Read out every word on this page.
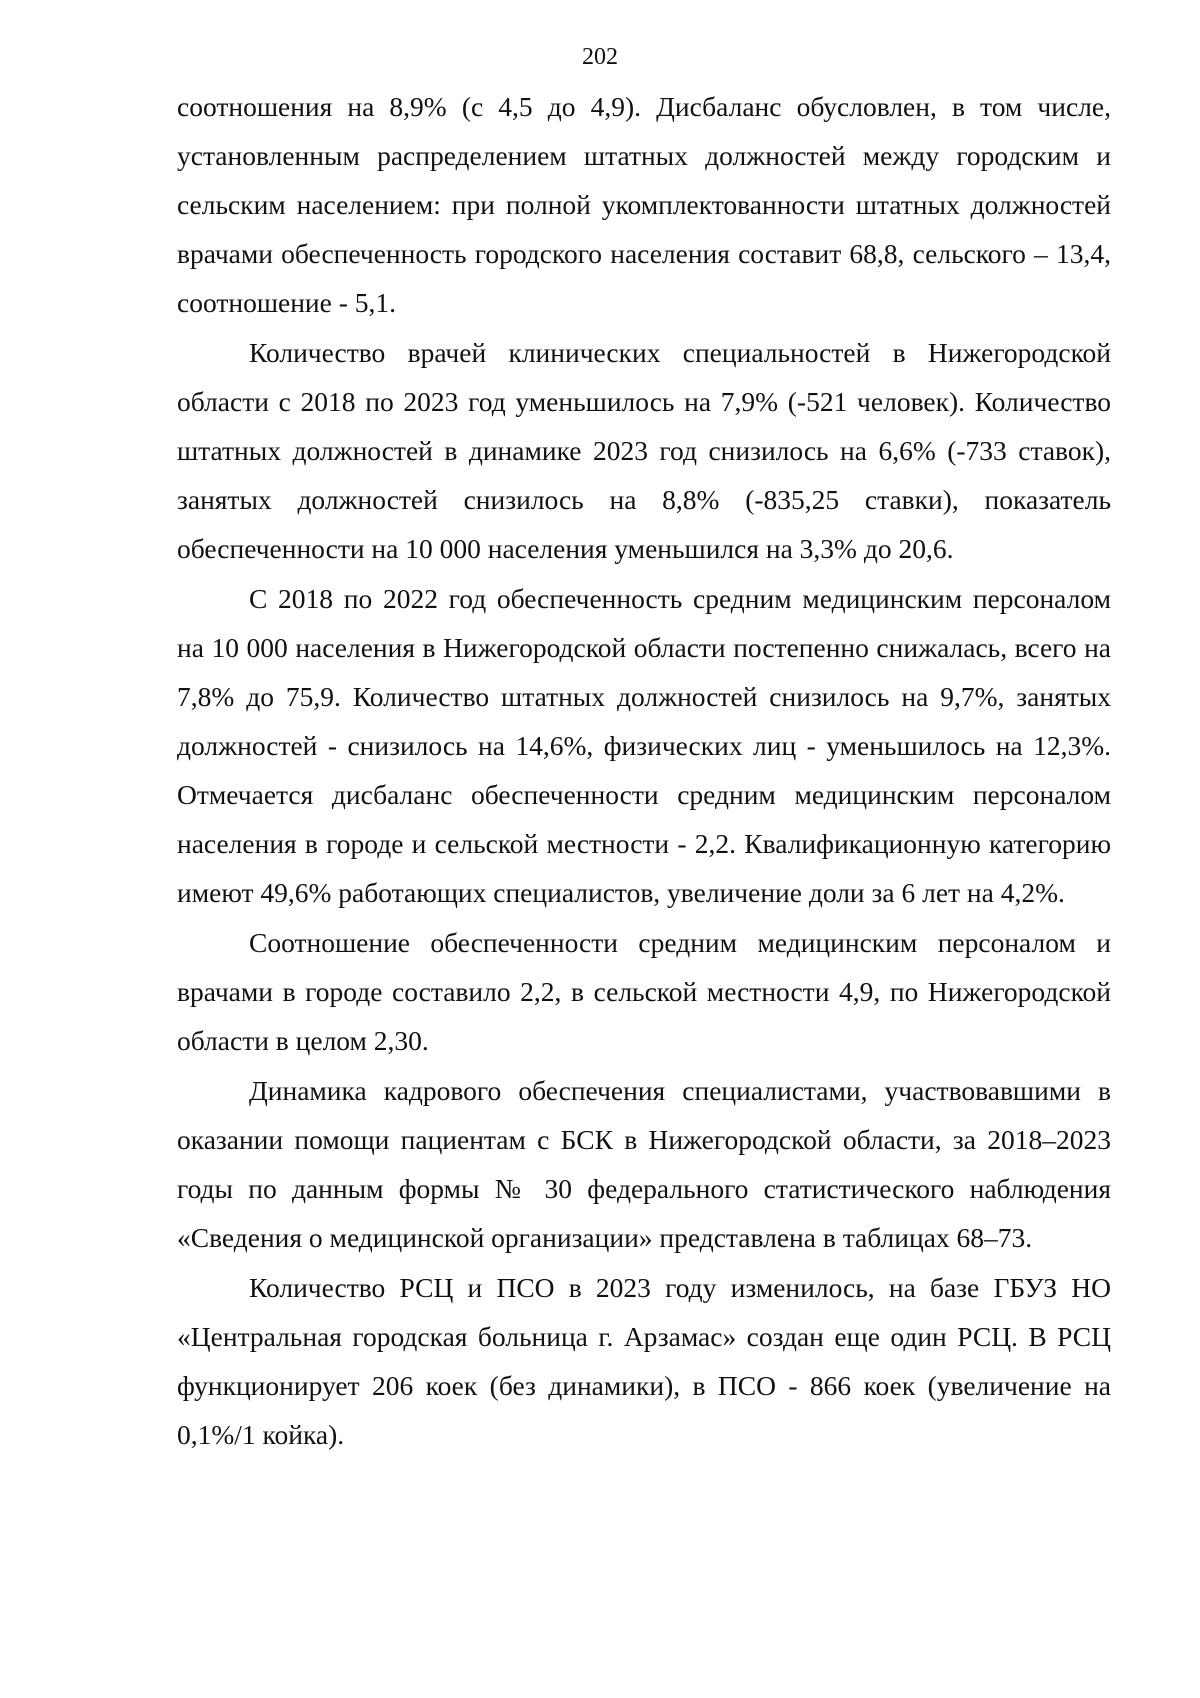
202

соотношения на 8,9% (с 4,5 до 4,9). Дисбаланс обусловлен, в том числе, установленным распределением штатных должностей между городским и сельским населением: при полной укомплектованности штатных должностей врачами обеспеченность городского населения составит 68,8, сельского – 13,4, соотношение - 5,1.

Количество врачей клинических специальностей в Нижегородской области с 2018 по 2023 год уменьшилось на 7,9% (-521 человек). Количество штатных должностей в динамике 2023 год снизилось на 6,6% (-733 ставок), занятых должностей снизилось на 8,8% (-835,25 ставки), показатель обеспеченности на 10 000 населения уменьшился на 3,3% до 20,6.

С 2018 по 2022 год обеспеченность средним медицинским персоналом на 10 000 населения в Нижегородской области постепенно снижалась, всего на 7,8% до 75,9. Количество штатных должностей снизилось на 9,7%, занятых должностей - снизилось на 14,6%, физических лиц - уменьшилось на 12,3%. Отмечается дисбаланс обеспеченности средним медицинским персоналом населения в городе и сельской местности - 2,2. Квалификационную категорию имеют 49,6% работающих специалистов, увеличение доли за 6 лет на 4,2%.

Соотношение обеспеченности средним медицинским персоналом и врачами в городе составило 2,2, в сельской местности 4,9, по Нижегородской области в целом 2,30.

Динамика кадрового обеспечения специалистами, участвовавшими в оказании помощи пациентам с БСК в Нижегородской области, за 2018–2023 годы по данным формы № 30 федерального статистического наблюдения «Сведения о медицинской организации» представлена в таблицах 68–73.

Количество РСЦ и ПСО в 2023 году изменилось, на базе ГБУЗ НО «Центральная городская больница г. Арзамас» создан еще один РСЦ. В РСЦ функционирует 206 коек (без динамики), в ПСО - 866 коек (увеличение на 0,1%/1 койка).
